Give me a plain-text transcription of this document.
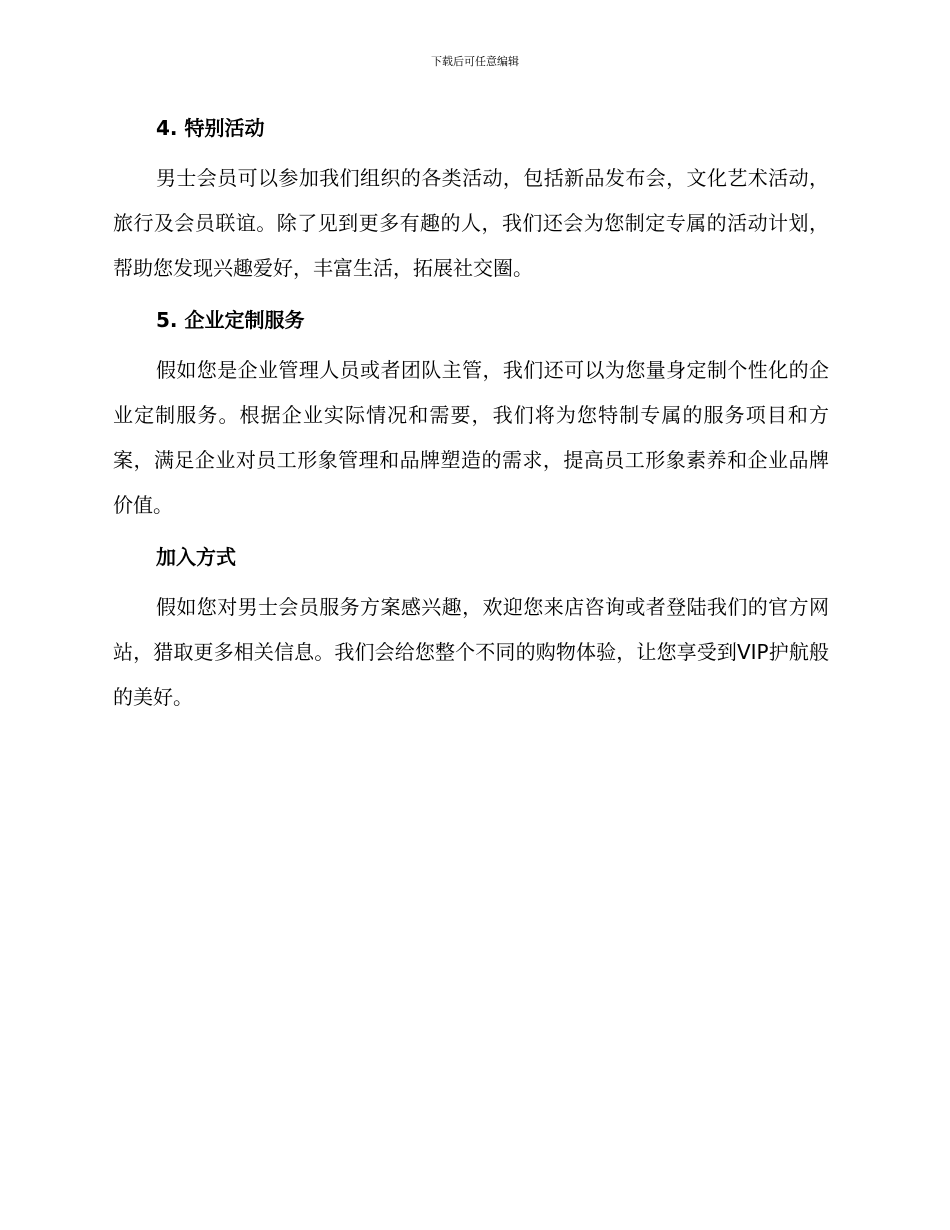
下载后可任意编辑
4. 特别活动

男士会员可以参加我们组织的各类活动，包括新品发布会，文化艺术活动，旅行及会员联谊。除了见到更多有趣的人，我们还会为您制定专属的活动计划，帮助您发现兴趣爱好，丰富生活，拓展社交圈。

5. 企业定制服务

假如您是企业管理人员或者团队主管，我们还可以为您量身定制个性化的企业定制服务。根据企业实际情况和需要，我们将为您特制专属的服务项目和方案，满足企业对员工形象管理和品牌塑造的需求，提高员工形象素养和企业品牌价值。

加入方式

假如您对男士会员服务方案感兴趣，欢迎您来店咨询或者登陆我们的官方网站，猎取更多相关信息。我们会给您整个不同的购物体验，让您享受到VIP护航般的美好。
